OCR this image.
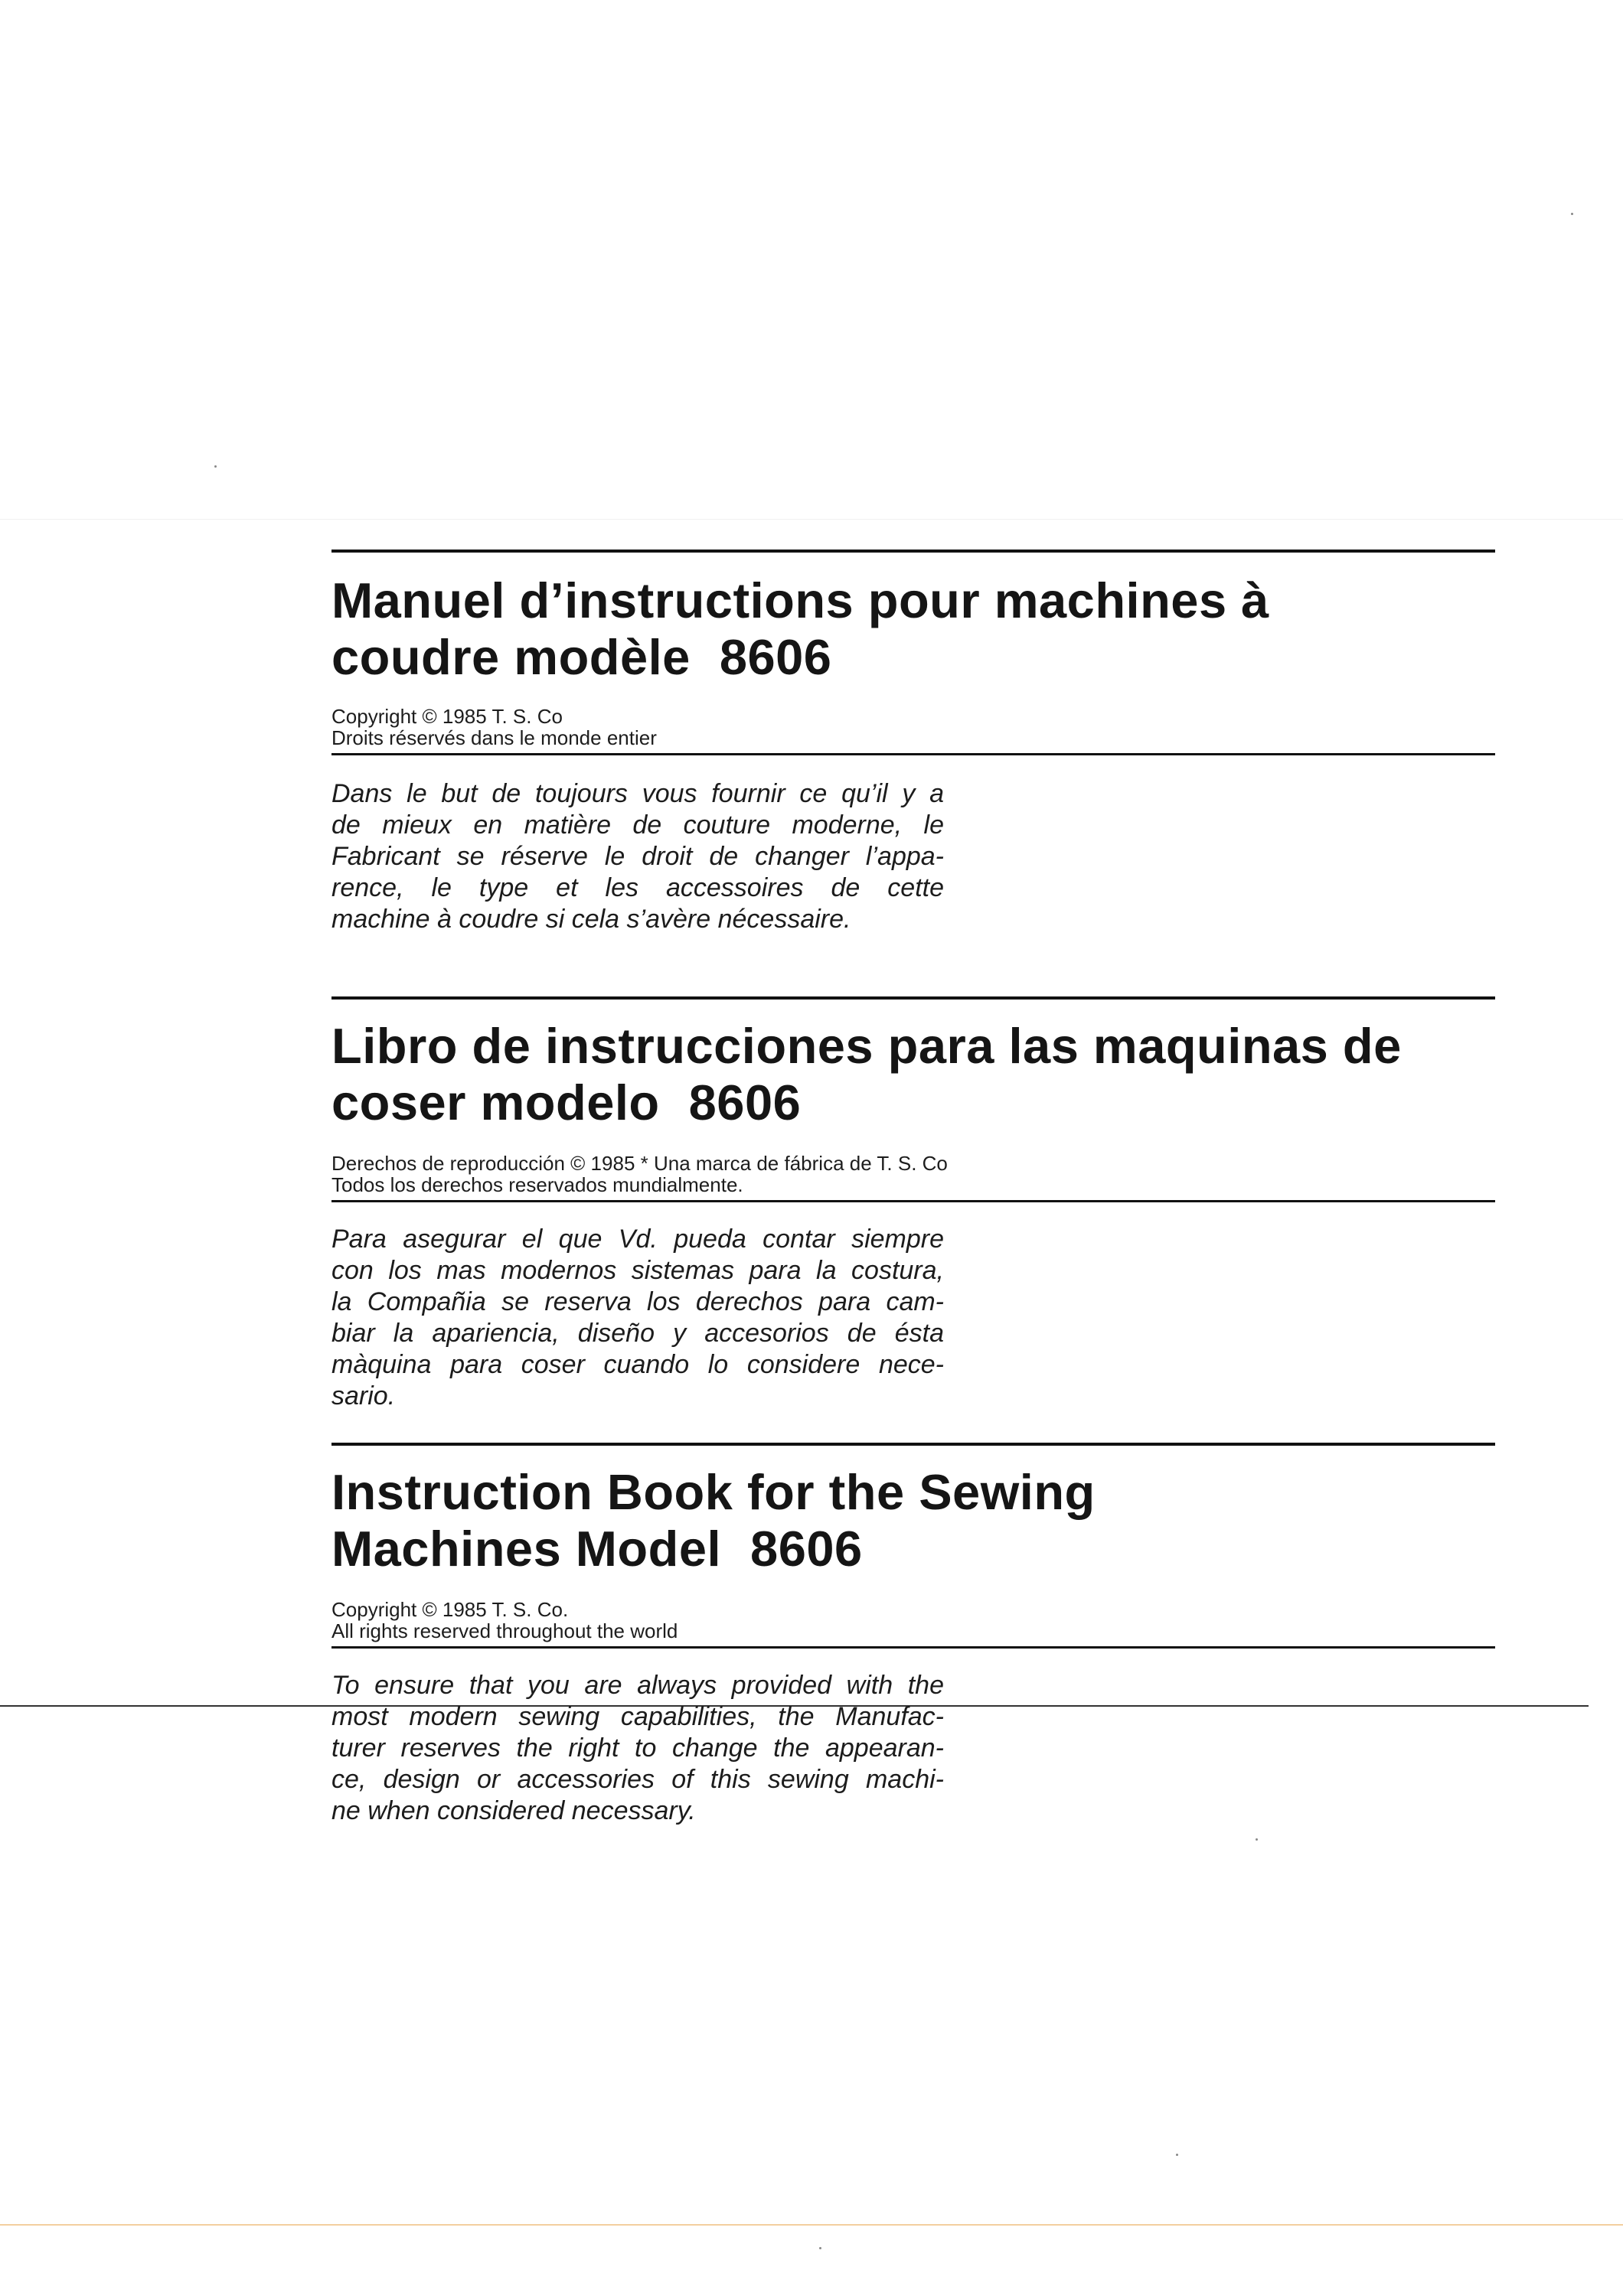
Manuel d’instructions pour machines à
coudre modèle 8606

Copyright © 1985 T. S. Co
Droits réservés dans le monde entier

Dans le but de toujours vous fournir ce qu’il y a
de mieux en matière de couture moderne, le
Fabricant se réserve le droit de changer l’appa-
rence, le type et les accessoires de cette
machine à coudre si cela s’avère nécessaire.

Libro de instrucciones para las maquinas de
coser modelo 8606

Derechos de reproducción © 1985 * Una marca de fábrica de T. S. Co
Todos los derechos reservados mundialmente.

Para asegurar el que Vd. pueda contar siempre
con los mas modernos sistemas para la costura,
la Compañia se reserva los derechos para cam-
biar la apariencia, diseño y accesorios de ésta
màquina para coser cuando lo considere nece-
sario.

Instruction Book for the Sewing
Machines Model 8606

Copyright © 1985 T. S. Co.
All rights reserved throughout the world

To ensure that you are always provided with the
most modern sewing capabilities, the Manufac-
turer reserves the right to change the appearan-
ce, design or accessories of this sewing machi-
ne when considered necessary.
